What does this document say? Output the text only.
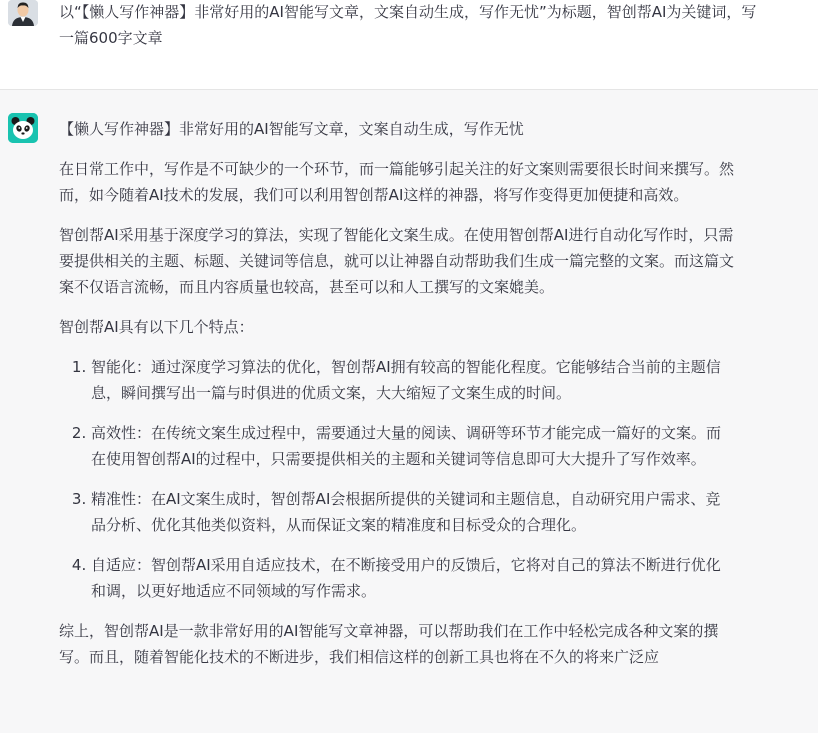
以“【懒人写作神器】非常好用的AI智能写文章，文案自动生成，写作无忧”为标题，智创帮AI为关键词，写一篇600字文章
【懒人写作神器】非常好用的AI智能写文章，文案自动生成，写作无忧

在日常工作中，写作是不可缺少的一个环节，而一篇能够引起关注的好文案则需要很长时间来撰写。然而，如今随着AI技术的发展，我们可以利用智创帮AI这样的神器，将写作变得更加便捷和高效。

智创帮AI采用基于深度学习的算法，实现了智能化文案生成。在使用智创帮AI进行自动化写作时，只需要提供相关的主题、标题、关键词等信息，就可以让神器自动帮助我们生成一篇完整的文案。而这篇文案不仅语言流畅，而且内容质量也较高，甚至可以和人工撰写的文案媲美。

智创帮AI具有以下几个特点：

1. 智能化：通过深度学习算法的优化，智创帮AI拥有较高的智能化程度。它能够结合当前的主题信息，瞬间撰写出一篇与时俱进的优质文案，大大缩短了文案生成的时间。
2. 高效性：在传统文案生成过程中，需要通过大量的阅读、调研等环节才能完成一篇好的文案。而在使用智创帮AI的过程中，只需要提供相关的主题和关键词等信息即可大大提升了写作效率。
3. 精准性：在AI文案生成时，智创帮AI会根据所提供的关键词和主题信息，自动研究用户需求、竞品分析、优化其他类似资料，从而保证文案的精准度和目标受众的合理化。
4. 自适应：智创帮AI采用自适应技术，在不断接受用户的反馈后，它将对自己的算法不断进行优化和调，以更好地适应不同领域的写作需求。

综上，智创帮AI是一款非常好用的AI智能写文章神器，可以帮助我们在工作中轻松完成各种文案的撰写。而且，随着智能化技术的不断进步，我们相信这样的创新工具也将在不久的将来广泛应
